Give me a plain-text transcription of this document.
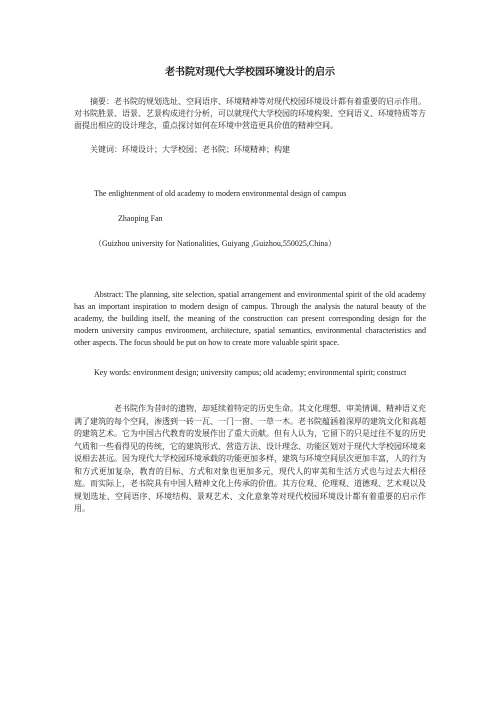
老书院对现代大学校园环境设计的启示

摘要：老书院的规划选址、空间语序、环境精神等对现代校园环境设计都有着重要的启示作用。对书院胜景、语景、艺景构成进行分析，可以就现代大学校园的环境构架、空间语义、环境特质等方面提出相应的设计理念，重点探讨如何在环境中营造更具价值的精神空间。

关键词：环境设计；大学校园；老书院；环境精神；构建

The enlightenment of old academy to modern environmental design of campus
Zhaoping Fan
（Guizhou university for Nationalities, Guiyang ,Guizhou,550025,China）

Abstract: The planning, site selection, spatial arrangement and environmental spirit of the old academy has an important inspiration to modern design of campus. Through the analysis the natural beauty of the academy, the building itself, the meaning of the construction can present corresponding design for the modern university campus environment, architecture, spatial semantics, environmental characteristics and other aspects. The focus should be put on how to create more valuable spirit space.

Key words: environment design; university campus; old academy; environmental spirit; construct

老书院作为昔时的遗物，却延续着特定的历史生命。其文化理想、审美情调、精神语义充满了建筑的每个空间，渗透到一砖一瓦、一门一窗、一草一木。老书院蕴涵着深厚的建筑文化和高超的建筑艺术。它为中国古代教育的发展作出了重大贡献。但有人认为，它留下的只是过往不复的历史气质和一些看得见的传统，它的建筑形式、营造方法、设计理念、功能区划对于现代大学校园环境来说相去甚远。因为现代大学校园环境承载的功能更加多样，建筑与环境空间层次更加丰富，人的行为和方式更加复杂，教育的目标、方式和对象也更加多元，现代人的审美和生活方式也与过去大相径庭。而实际上，老书院具有中国人精神文化上传承的价值。其方位观、伦理观、道德观、艺术观以及规划选址、空间语序、环境结构、景观艺术、文化意象等对现代校园环境设计都有着重要的启示作用。
